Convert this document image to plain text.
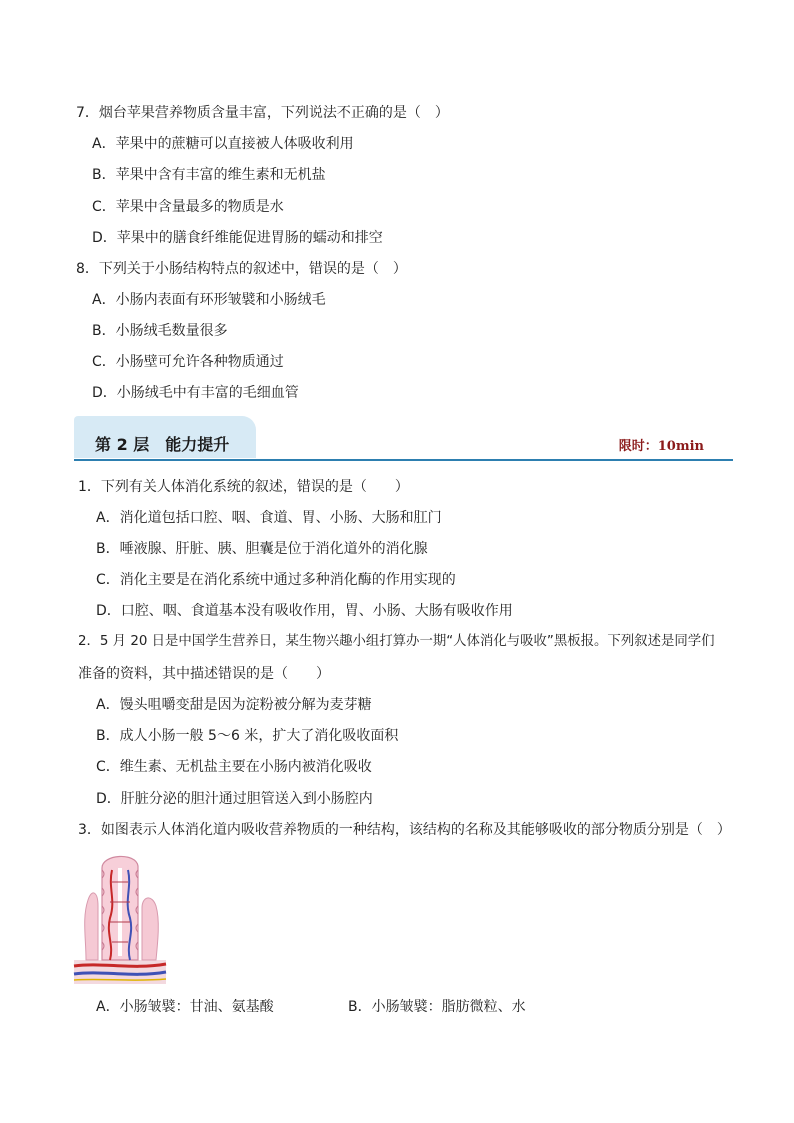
7．烟台苹果营养物质含量丰富，下列说法不正确的是（　）
A．苹果中的蔗糖可以直接被人体吸收利用
B．苹果中含有丰富的维生素和无机盐
C．苹果中含量最多的物质是水
D．苹果中的膳食纤维能促进胃肠的蠕动和排空
8．下列关于小肠结构特点的叙述中，错误的是（　）
A．小肠内表面有环形皱襞和小肠绒毛
B．小肠绒毛数量很多
C．小肠壁可允许各种物质通过
D．小肠绒毛中有丰富的毛细血管
第 2 层　能力提升	限时：10min
1．下列有关人体消化系统的叙述，错误的是（　　）
A．消化道包括口腔、咽、食道、胃、小肠、大肠和肛门
B．唾液腺、肝脏、胰、胆囊是位于消化道外的消化腺
C．消化主要是在消化系统中通过多种消化酶的作用实现的
D．口腔、咽、食道基本没有吸收作用，胃、小肠、大肠有吸收作用
2．5 月 20 日是中国学生营养日，某生物兴趣小组打算办一期“人体消化与吸收”黑板报。下列叙述是同学们
准备的资料，其中描述错误的是（　　）
A．馒头咀嚼变甜是因为淀粉被分解为麦芽糖
B．成人小肠一般 5～6 米，扩大了消化吸收面积
C．维生素、无机盐主要在小肠内被消化吸收
D．肝脏分泌的胆汁通过胆管送入到小肠腔内
3．如图表示人体消化道内吸收营养物质的一种结构，该结构的名称及其能够吸收的部分物质分别是（　）
A．小肠皱襞：甘油、氨基酸	B．小肠皱襞：脂肪微粒、水
